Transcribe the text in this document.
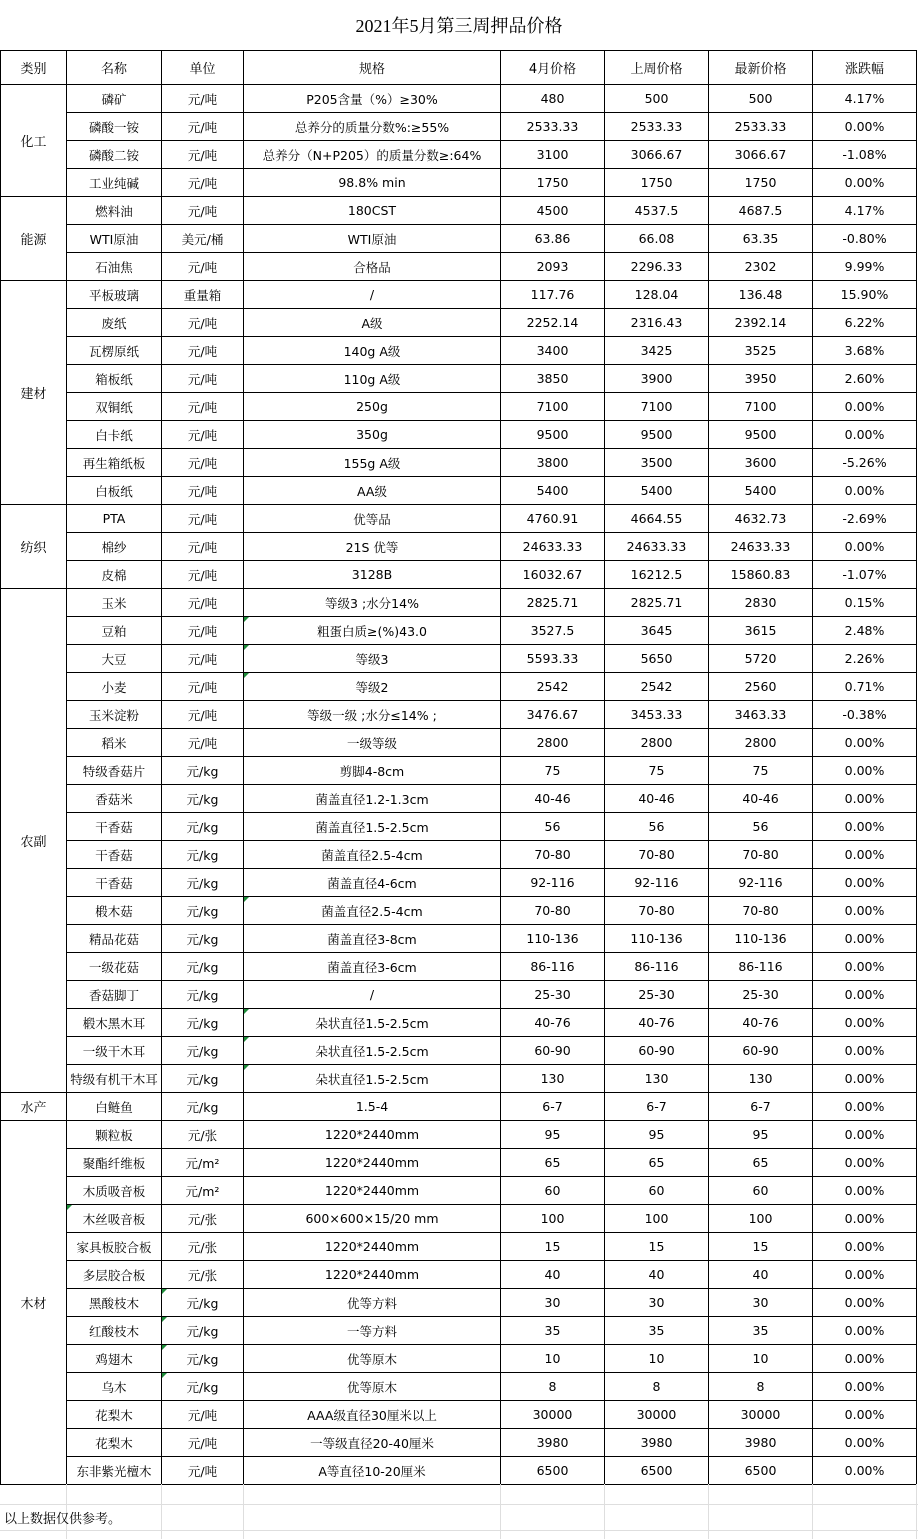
2021年5月第三周押品价格
类别	名称	单位	规格	4月价格	上周价格	最新价格	涨跌幅
化工	磷矿	元/吨	P205含量（%）≥30%	480	500	500	4.17%
	磷酸一铵	元/吨	总养分的质量分数%:≥55%	2533.33	2533.33	2533.33	0.00%
	磷酸二铵	元/吨	总养分（N+P205）的质量分数≥:64%	3100	3066.67	3066.67	-1.08%
	工业纯碱	元/吨	98.8% min	1750	1750	1750	0.00%
能源	燃料油	元/吨	180CST	4500	4537.5	4687.5	4.17%
	WTI原油	美元/桶	WTI原油	63.86	66.08	63.35	-0.80%
	石油焦	元/吨	合格品	2093	2296.33	2302	9.99%
建材	平板玻璃	重量箱	/	117.76	128.04	136.48	15.90%
	废纸	元/吨	A级	2252.14	2316.43	2392.14	6.22%
	瓦楞原纸	元/吨	140g A级	3400	3425	3525	3.68%
	箱板纸	元/吨	110g A级	3850	3900	3950	2.60%
	双铜纸	元/吨	250g	7100	7100	7100	0.00%
	白卡纸	元/吨	350g	9500	9500	9500	0.00%
	再生箱纸板	元/吨	155g A级	3800	3500	3600	-5.26%
	白板纸	元/吨	AA级	5400	5400	5400	0.00%
纺织	PTA	元/吨	优等品	4760.91	4664.55	4632.73	-2.69%
	棉纱	元/吨	21S 优等	24633.33	24633.33	24633.33	0.00%
	皮棉	元/吨	3128B	16032.67	16212.5	15860.83	-1.07%
农副	玉米	元/吨	等级3 ;水分14%	2825.71	2825.71	2830	0.15%
	豆粕	元/吨	粗蛋白质≥(%)43.0	3527.5	3645	3615	2.48%
	大豆	元/吨	等级3	5593.33	5650	5720	2.26%
	小麦	元/吨	等级2	2542	2542	2560	0.71%
	玉米淀粉	元/吨	等级一级 ;水分≤14% ;	3476.67	3453.33	3463.33	-0.38%
	稻米	元/吨	一级等级	2800	2800	2800	0.00%
	特级香菇片	元/kg	剪脚4-8cm	75	75	75	0.00%
	香菇米	元/kg	菌盖直径1.2-1.3cm	40-46	40-46	40-46	0.00%
	干香菇	元/kg	菌盖直径1.5-2.5cm	56	56	56	0.00%
	干香菇	元/kg	菌盖直径2.5-4cm	70-80	70-80	70-80	0.00%
	干香菇	元/kg	菌盖直径4-6cm	92-116	92-116	92-116	0.00%
	椴木菇	元/kg	菌盖直径2.5-4cm	70-80	70-80	70-80	0.00%
	精品花菇	元/kg	菌盖直径3-8cm	110-136	110-136	110-136	0.00%
	一级花菇	元/kg	菌盖直径3-6cm	86-116	86-116	86-116	0.00%
	香菇脚丁	元/kg	/	25-30	25-30	25-30	0.00%
	椴木黑木耳	元/kg	朵状直径1.5-2.5cm	40-76	40-76	40-76	0.00%
	一级干木耳	元/kg	朵状直径1.5-2.5cm	60-90	60-90	60-90	0.00%
	特级有机干木耳	元/kg	朵状直径1.5-2.5cm	130	130	130	0.00%
水产	白鲢鱼	元/kg	1.5-4	6-7	6-7	6-7	0.00%
木材	颗粒板	元/张	1220*2440mm	95	95	95	0.00%
	聚酯纤维板	元/m²	1220*2440mm	65	65	65	0.00%
	木质吸音板	元/m²	1220*2440mm	60	60	60	0.00%
	木丝吸音板	元/张	600×600×15/20 mm	100	100	100	0.00%
	家具板胶合板	元/张	1220*2440mm	15	15	15	0.00%
	多层胶合板	元/张	1220*2440mm	40	40	40	0.00%
	黑酸枝木	元/kg	优等方料	30	30	30	0.00%
	红酸枝木	元/kg	一等方料	35	35	35	0.00%
	鸡翅木	元/kg	优等原木	10	10	10	0.00%
	乌木	元/kg	优等原木	8	8	8	0.00%
	花梨木	元/吨	AAA级直径30厘米以上	30000	30000	30000	0.00%
	花梨木	元/吨	一等级直径20-40厘米	3980	3980	3980	0.00%
	东非紫光檀木	元/吨	A等直径10-20厘米	6500	6500	6500	0.00%
以上数据仅供参考。
